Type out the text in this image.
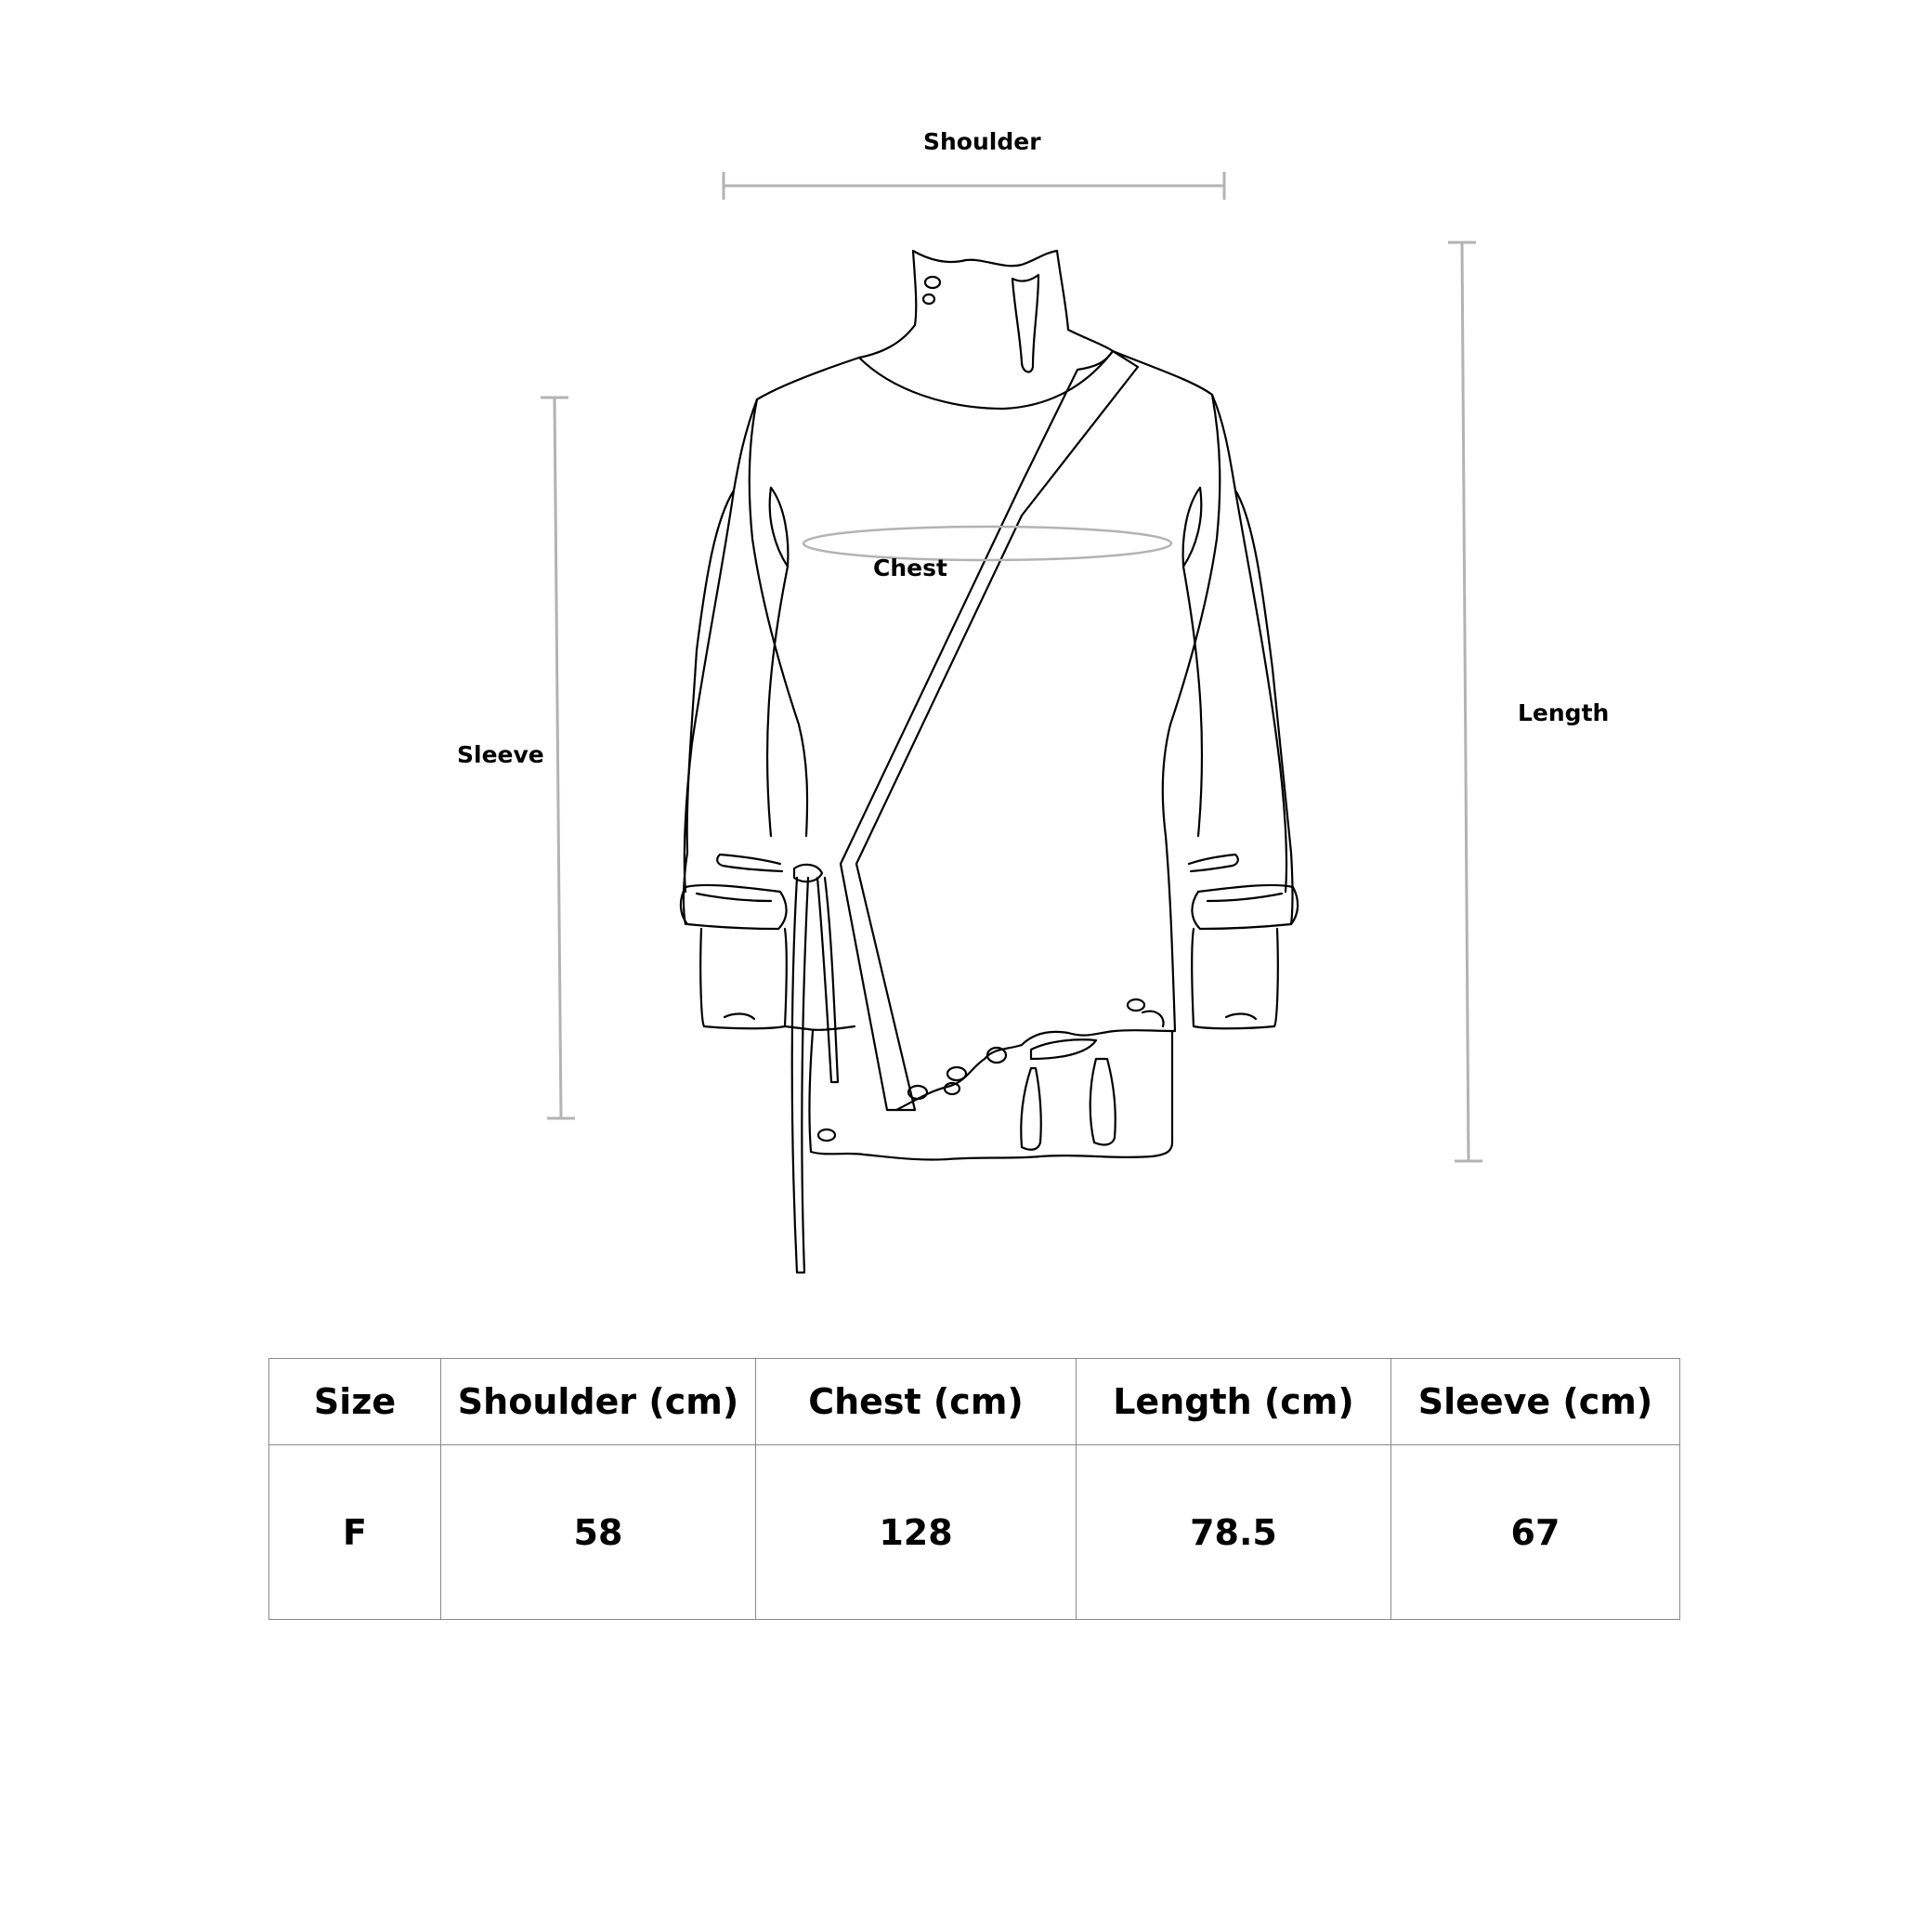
Shoulder
Chest
Sleeve
Length
Size	Shoulder (cm)	Chest (cm)	Length (cm)	Sleeve (cm)
F	58	128	78.5	67
